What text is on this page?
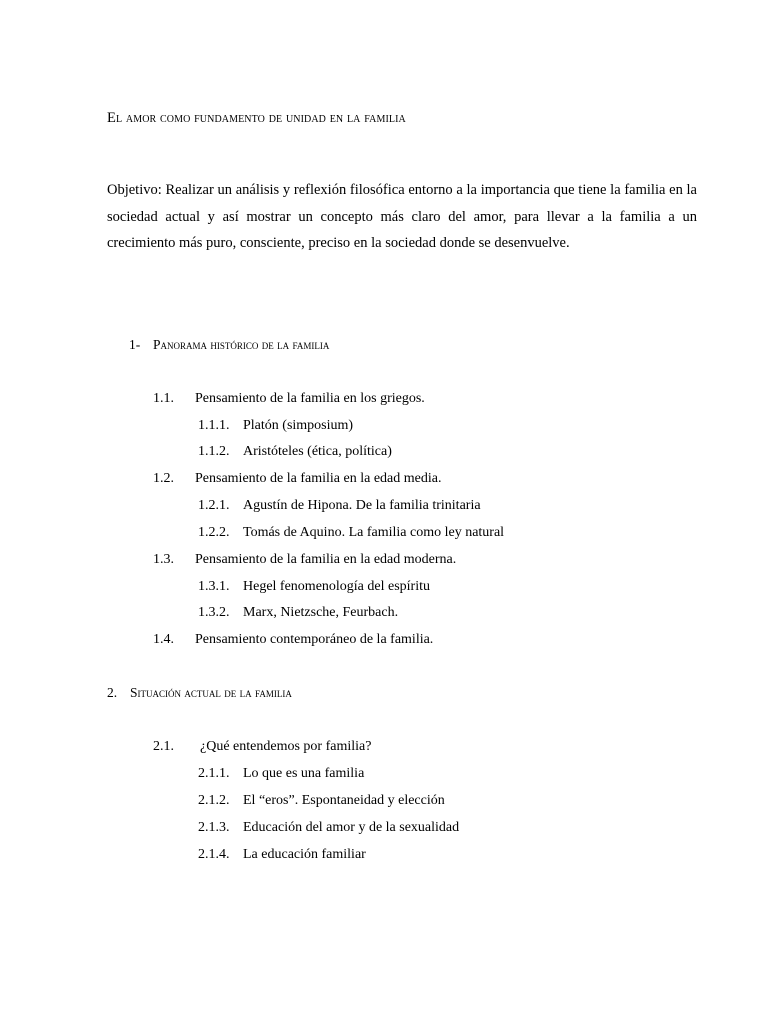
El amor como fundamento de unidad en la familia
Objetivo: Realizar un análisis y reflexión filosófica entorno a la importancia que tiene la familia en la sociedad actual y así mostrar un concepto más claro del amor, para llevar a la familia a un crecimiento más puro, consciente, preciso en la sociedad donde se desenvuelve.
1- Panorama histórico de la familia
1.1. Pensamiento de la familia en los griegos.
1.1.1. Platón (simposium)
1.1.2. Aristóteles (ética, política)
1.2. Pensamiento de la familia en la edad media.
1.2.1. Agustín de Hipona. De la familia trinitaria
1.2.2. Tomás de Aquino. La familia como ley natural
1.3. Pensamiento de la familia en la edad moderna.
1.3.1. Hegel fenomenología del espíritu
1.3.2. Marx, Nietzsche, Feurbach.
1.4. Pensamiento contemporáneo de la familia.
2. Situación actual de la familia
2.1. ¿Qué entendemos por familia?
2.1.1. Lo que es una familia
2.1.2. El “eros”. Espontaneidad y elección
2.1.3. Educación del amor y de la sexualidad
2.1.4. La educación familiar
